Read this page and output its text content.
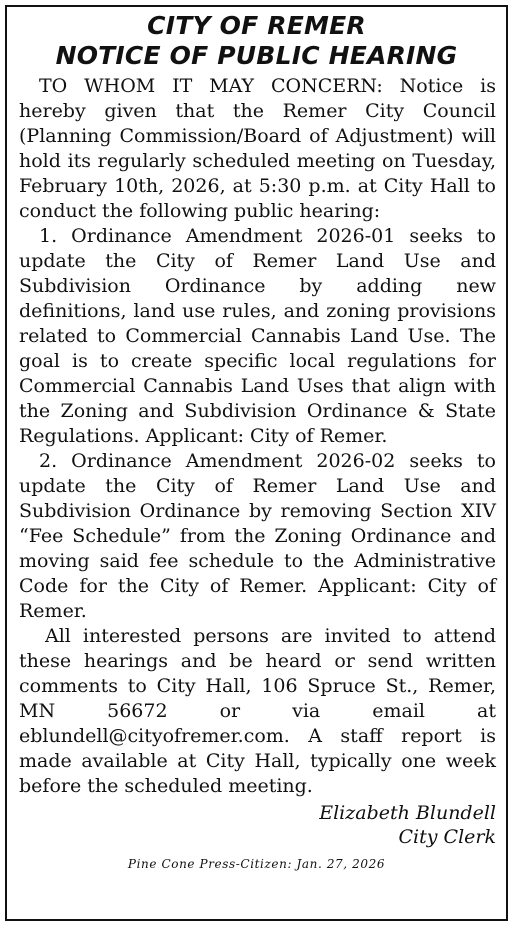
CITY OF REMER
NOTICE OF PUBLIC HEARING

TO WHOM IT MAY CONCERN: Notice is hereby given that the Remer City Council (Planning Commission/Board of Adjustment) will hold its regularly scheduled meeting on Tuesday, February 10th, 2026, at 5:30 p.m. at City Hall to conduct the following public hearing:

1. Ordinance Amendment 2026-01 seeks to update the City of Remer Land Use and Subdivision Ordinance by adding new definitions, land use rules, and zoning provisions related to Commercial Cannabis Land Use. The goal is to create specific local regulations for Commercial Cannabis Land Uses that align with the Zoning and Subdivision Ordinance & State Regulations. Applicant: City of Remer.

2. Ordinance Amendment 2026-02 seeks to update the City of Remer Land Use and Subdivision Ordinance by removing Section XIV “Fee Schedule” from the Zoning Ordinance and moving said fee schedule to the Administrative Code for the City of Remer. Applicant: City of Remer.

All interested persons are invited to attend these hearings and be heard or send written comments to City Hall, 106 Spruce St., Remer, MN 56672 or via email at eblundell@cityofremer.com. A staff report is made available at City Hall, typically one week before the scheduled meeting.

Elizabeth Blundell
City Clerk
Pine Cone Press-Citizen: Jan. 27, 2026
